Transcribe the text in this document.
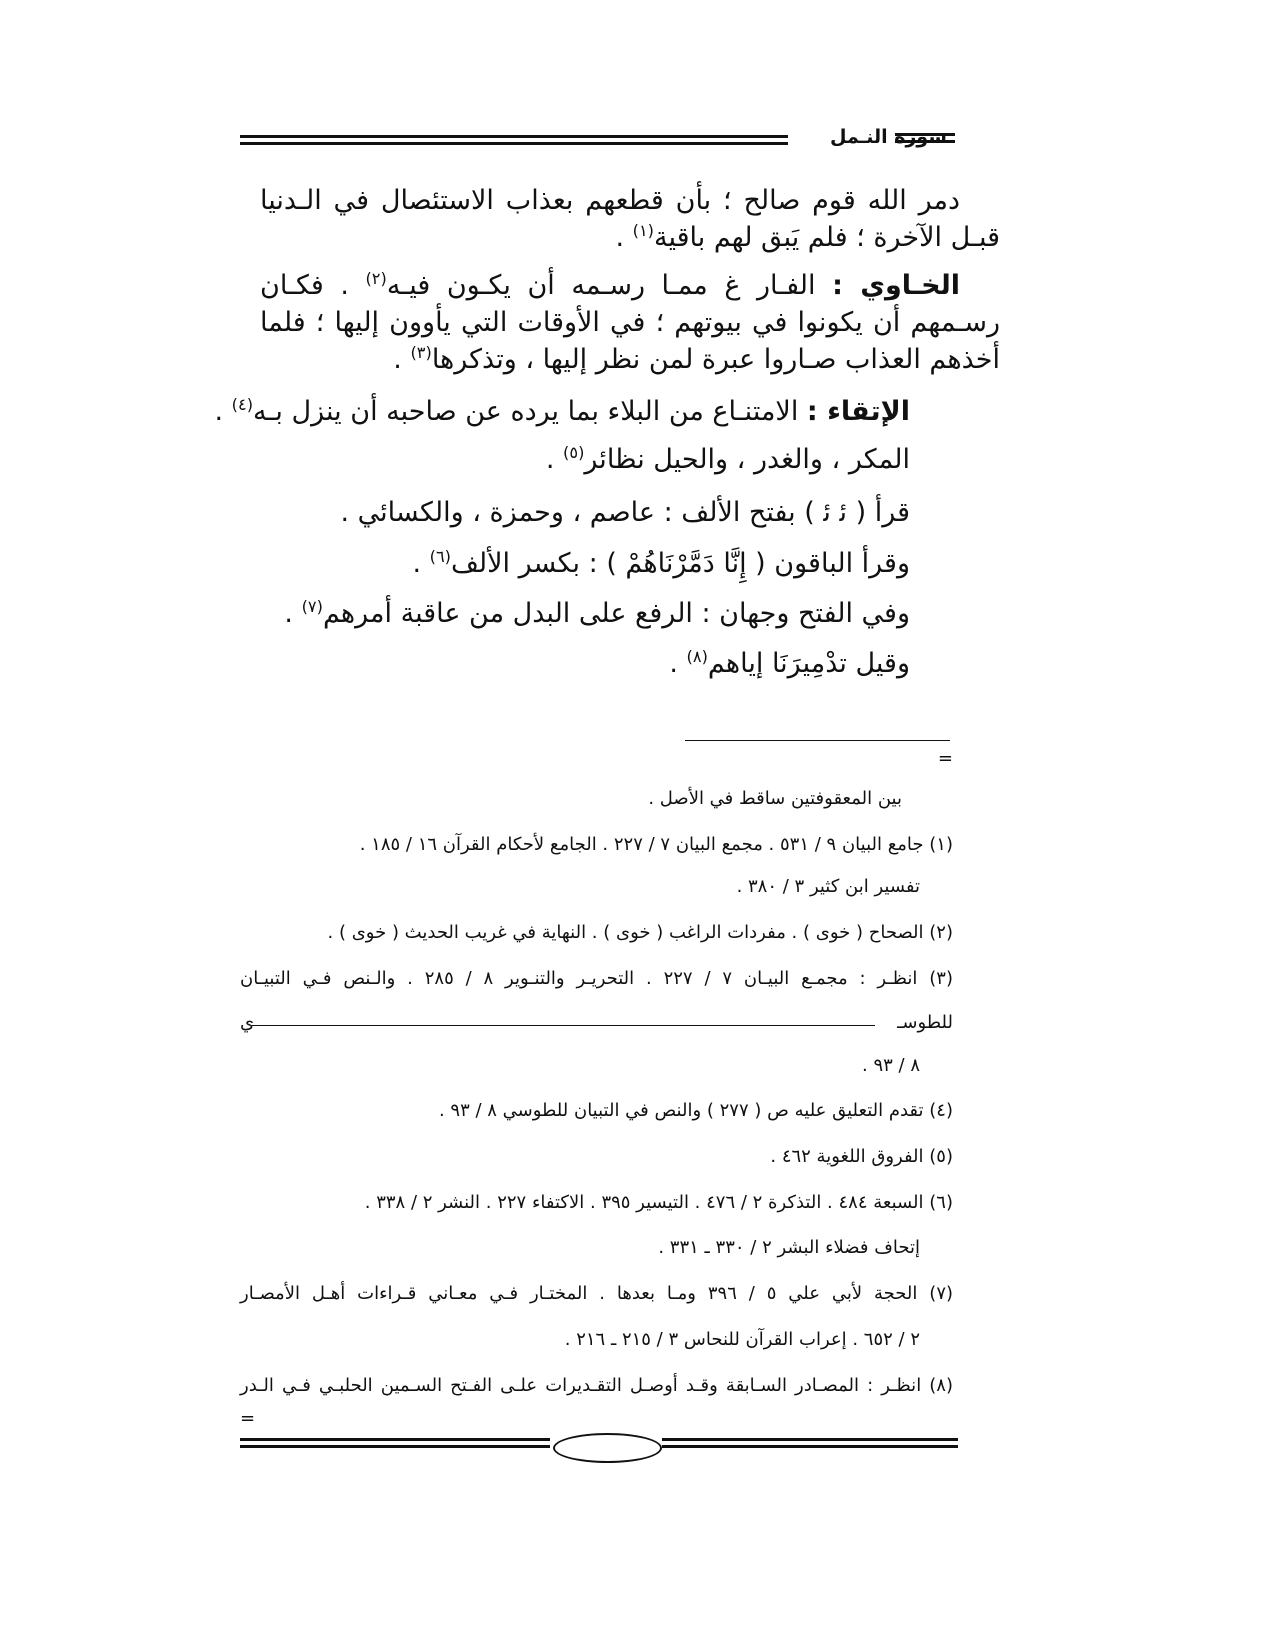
سورة النـمل
دمر الله قوم صالح ؛ بأن قطعهم بعذاب الاستئصال في الـدنيا قبـل الآخرة ؛ فلم يَبق لهم باقية$^{(١)}$ .
الخـاوي : الفـار غ ممـا رسـمه أن يكـون فيـه$^{(٢)}$ . فكـان رسـمهم أن يكونوا في بيوتهم ؛ في الأوقات التي يأوون إليها ؛ فلما أخذهم العذاب صـاروا عبرة لمن نظر إليها ، وتذكرها$^{(٣)}$ .
الإتقاء : الامتنـاع من البلاء بما يرده عن صاحبه أن ينزل بـه$^{(٤)}$ .
المكر ، والغدر ، والحيل نظائر$^{(٥)}$ .
قرأ ( ﺋ ﺋ ) بفتح الألف : عاصم ، وحمزة ، والكسائي .
وقرأ الباقون ( إِنَّا دَمَّرْنَاهُمْ ) : بكسر الألف$^{(٦)}$ .
وفي الفتح وجهان : الرفع على البدل من عاقبة أمرهم$^{(٧)}$ .
وقيل تدْمِيرَنَا إياهم$^{(٨)}$ .
=
بين المعقوفتين ساقط في الأصل .
(١) جامع البيان ٩ / ٥٣١ . مجمع البيان ٧ / ٢٢٧ . الجامع لأحكام القرآن ١٦ / ١٨٥ .
تفسير ابن كثير ٣ / ٣٨٠ .
(٢) الصحاح ( خوى ) . مفردات الراغب ( خوى ) . النهاية في غريب الحديث ( خوى ) .
(٣) انظـر : مجمـع البيـان ٧ / ٢٢٧ . التحريـر والتنـوير ٨ / ٢٨٥ . والـنص فـي التبيـان
للطوسـ
ي
٨ / ٩٣ .
(٤) تقدم التعليق عليه ص ( ٢٧٧ ) والنص في التبيان للطوسي ٨ / ٩٣ .
(٥) الفروق اللغوية ٤٦٢ .
(٦) السبعة ٤٨٤ . التذكرة ٢ / ٤٧٦ . التيسير ٣٩٥ . الاكتفاء ٢٢٧ . النشر ٢ / ٣٣٨ .
إتحاف فضلاء البشر ٢ / ٣٣٠ ـ ٣٣١ .
(٧) الحجة لأبي علي ٥ / ٣٩٦ ومـا بعدها . المختـار فـي معـاني قـراءات أهـل الأمصـار
٢ / ٦٥٢ . إعراب القرآن للنحاس ٣ / ٢١٥ ـ ٢١٦ .
(٨) انظـر : المصـادر السـابقة وقـد أوصـل التقـديرات علـى الفـتح السـمين الحلبـي فـي الـدر
=
